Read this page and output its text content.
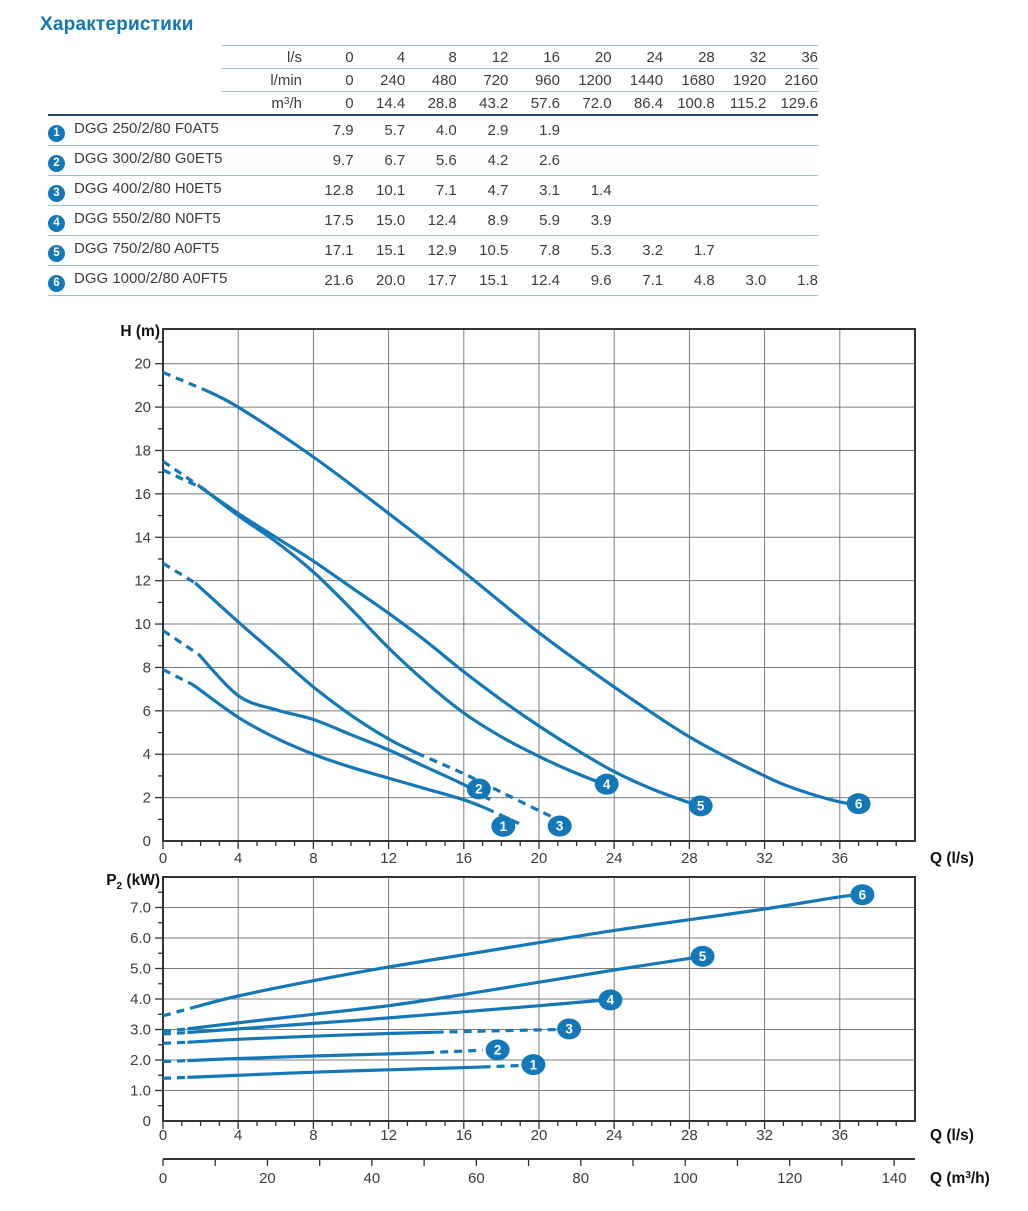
Характеристики
	l/s	0	4	8	12	16	20	24	28	32	36
	l/min	0	240	480	720	960	1200	1440	1680	1920	2160
	$m^3/h$	0	14.4	28.8	43.2	57.6	72.0	86.4	100.8	115.2	129.6
1 DGG 250/2/80 F0AT5		7.9	5.7	4.0	2.9	1.9					
2 DGG 300/2/80 G0ET5		9.7	6.7	5.6	4.2	2.6					
3 DGG 400/2/80 H0ET5		12.8	10.1	7.1	4.7	3.1	1.4				
4 DGG 550/2/80 N0FT5		17.5	15.0	12.4	8.9	5.9	3.9				
5 DGG 750/2/80 A0FT5		17.1	15.1	12.9	10.5	7.8	5.3	3.2	1.7		
6 DGG 1000/2/80 A0FT5		21.6	20.0	17.7	15.1	12.4	9.6	7.1	4.8	3.0	1.8
0
2
4
6
8
10
12
14
16
18
20
20
0	4	8	12	16	20	24	28	32	36	Q (l/s)
H (m)
1
2
3
4
5	6
0
1.0
2.0
3.0
4.0
5.0
6.0
7.0
0	4	8	12	16	20	24	28	32	36	Q (l/s)
$P_2$ (kW)
0	20	40	60	80	100	120	140 Q $(m^3/h)$
1
2
3
4
5
6
